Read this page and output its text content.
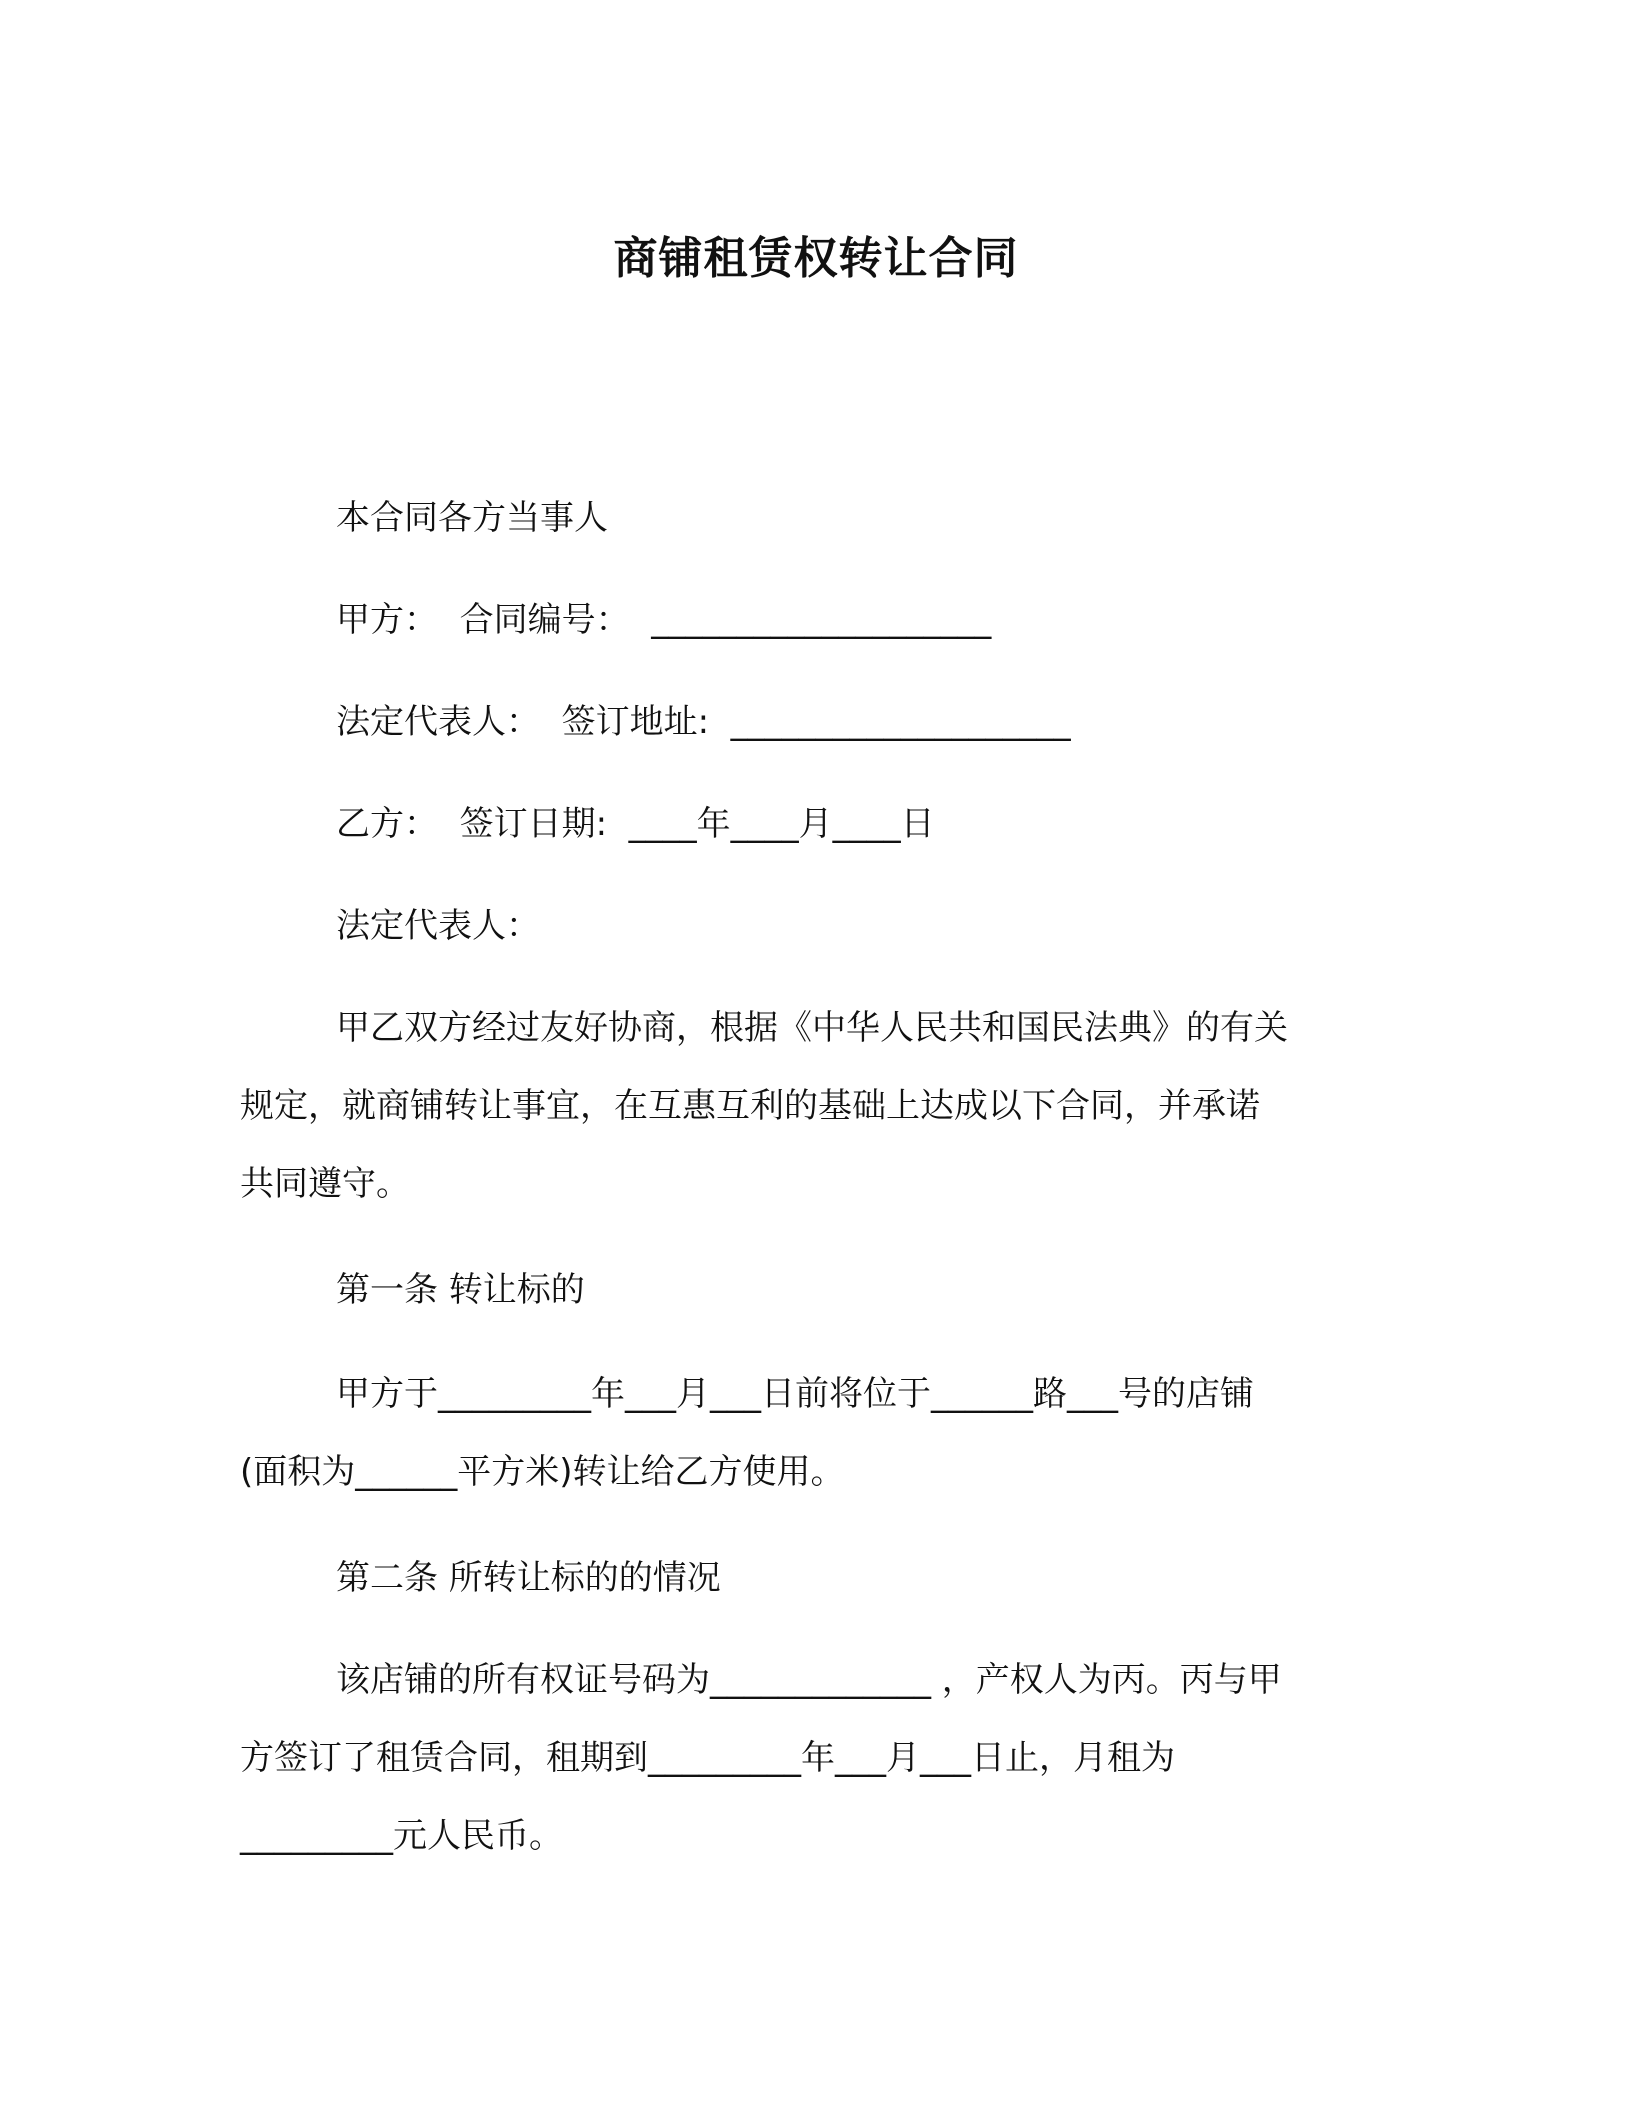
商铺租赁权转让合同
本合同各方当事人
甲方：  合同编号：  ____________________
法定代表人：  签订地址:  ____________________
乙方：  签订日期:  ____年____月____日
法定代表人：
甲乙双方经过友好协商，根据《中华人民共和国民法典》的有关
规定，就商铺转让事宜，在互惠互利的基础上达成以下合同，并承诺
共同遵守。
第一条 转让标的
甲方于_________年___月___日前将位于______路___号的店铺
(面积为______平方米)转让给乙方使用。
第二条 所转让标的的情况
该店铺的所有权证号码为_____________ ，产权人为丙。丙与甲
方签订了租赁合同，租期到_________年___月___日止，月租为
_________元人民币。
